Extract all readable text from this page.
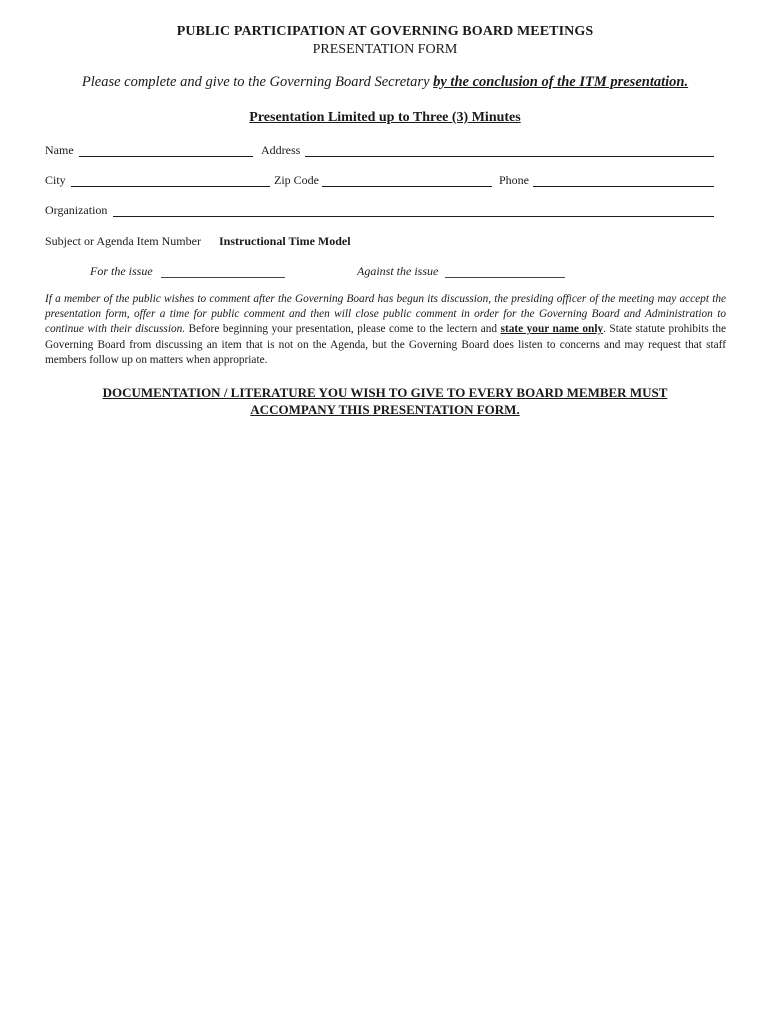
PUBLIC PARTICIPATION AT GOVERNING BOARD MEETINGS
PRESENTATION FORM
Please complete and give to the Governing Board Secretary by the conclusion of the ITM presentation.
Presentation Limited up to Three (3) Minutes
Name	Address
City	Zip Code	Phone
Organization
Subject or Agenda Item Number Instructional Time Model
For the issue	Against the issue
If a member of the public wishes to comment after the Governing Board has begun its discussion, the presiding officer of the meeting may accept the presentation form, offer a time for public comment and then will close public comment in order for the Governing Board and Administration to continue with their discussion. Before beginning your presentation, please come to the lectern and state your name only. State statute prohibits the Governing Board from discussing an item that is not on the Agenda, but the Governing Board does listen to concerns and may request that staff members follow up on matters when appropriate.
DOCUMENTATION / LITERATURE YOU WISH TO GIVE TO EVERY BOARD MEMBER MUST
ACCOMPANY THIS PRESENTATION FORM.
